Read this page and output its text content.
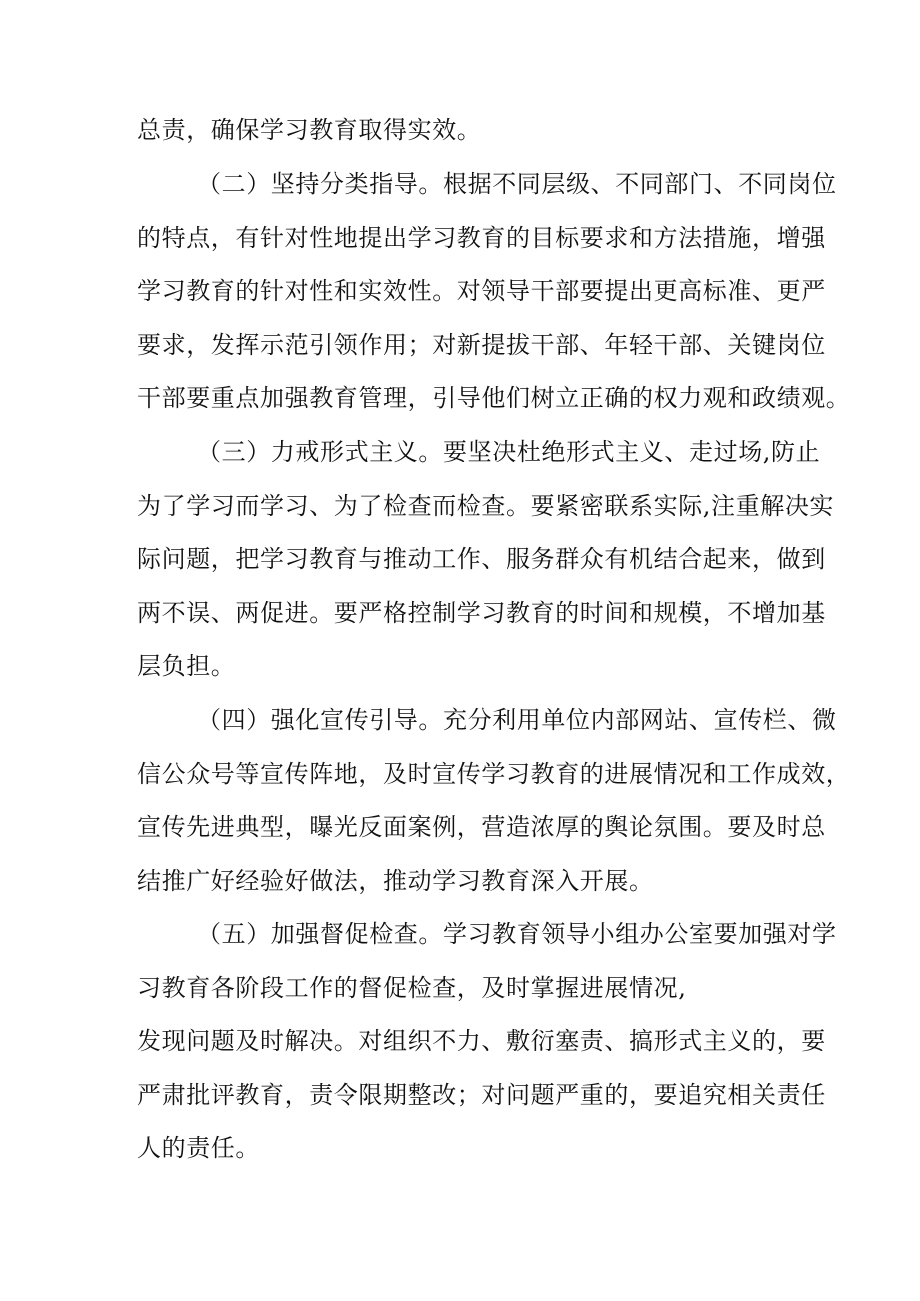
总责，确保学习教育取得实效。
（二）坚持分类指导。根据不同层级、不同部门、不同岗位
的特点，有针对性地提出学习教育的目标要求和方法措施，增强
学习教育的针对性和实效性。对领导干部要提出更高标准、更严
要求，发挥示范引领作用；对新提拔干部、年轻干部、关键岗位
干部要重点加强教育管理，引导他们树立正确的权力观和政绩观。
（三）力戒形式主义。要坚决杜绝形式主义、走过场,防止
为了学习而学习、为了检查而检查。要紧密联系实际,注重解决实
际问题，把学习教育与推动工作、服务群众有机结合起来，做到
两不误、两促进。要严格控制学习教育的时间和规模，不增加基
层负担。
（四）强化宣传引导。充分利用单位内部网站、宣传栏、微
信公众号等宣传阵地，及时宣传学习教育的进展情况和工作成效，
宣传先进典型，曝光反面案例，营造浓厚的舆论氛围。要及时总
结推广好经验好做法，推动学习教育深入开展。
（五）加强督促检查。学习教育领导小组办公室要加强对学
习教育各阶段工作的督促检查，及时掌握进展情况,
发现问题及时解决。对组织不力、敷衍塞责、搞形式主义的，要
严肃批评教育，责令限期整改；对问题严重的，要追究相关责任
人的责任。
